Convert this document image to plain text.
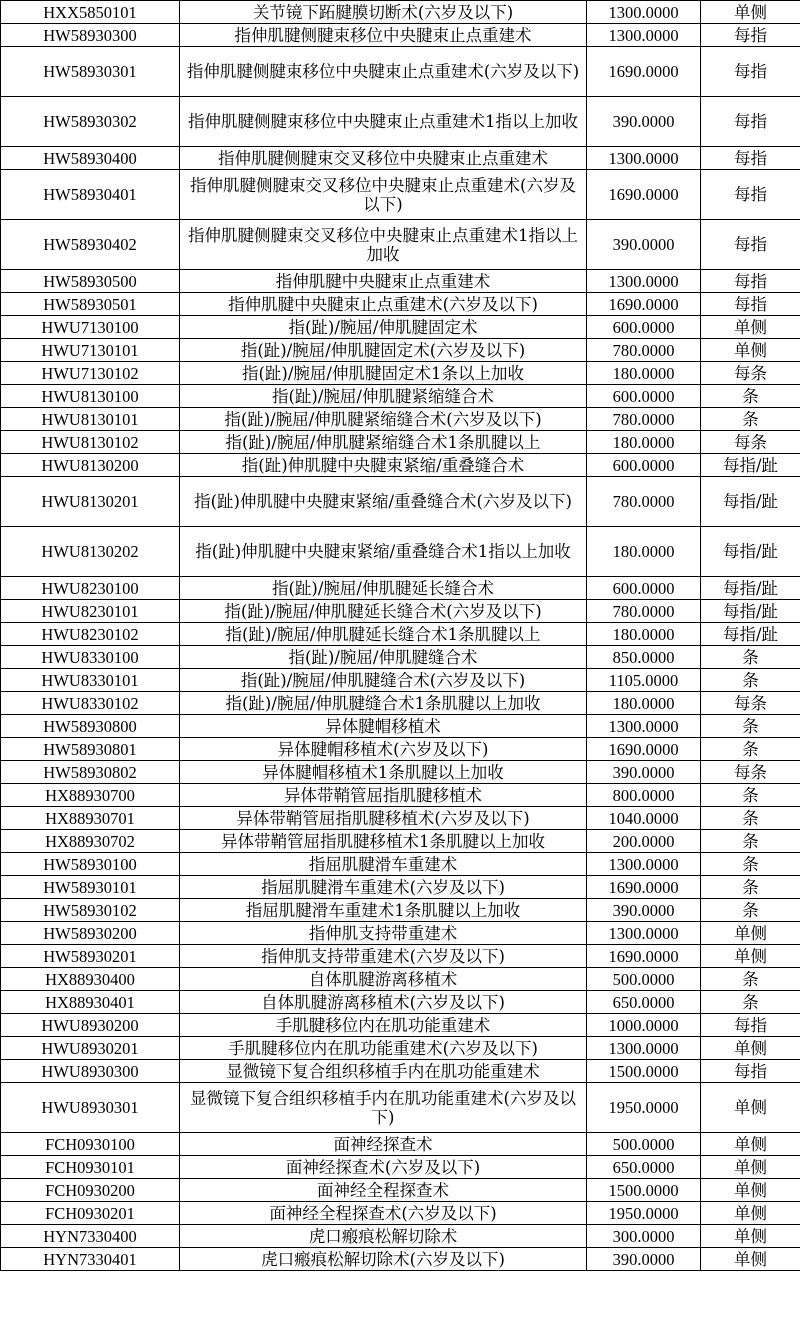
HXX5850101	关节镜下跖腱膜切断术(六岁及以下)	1300.0000	单侧
HW58930300	指伸肌腱侧腱束移位中央腱束止点重建术	1300.0000	每指
HW58930301	指伸肌腱侧腱束移位中央腱束止点重建术(六岁及以下)	1690.0000	每指
HW58930302	指伸肌腱侧腱束移位中央腱束止点重建术1指以上加收	390.0000	每指
HW58930400	指伸肌腱侧腱束交叉移位中央腱束止点重建术	1300.0000	每指
HW58930401	指伸肌腱侧腱束交叉移位中央腱束止点重建术(六岁及以下)	1690.0000	每指
HW58930402	指伸肌腱侧腱束交叉移位中央腱束止点重建术1指以上加收	390.0000	每指
HW58930500	指伸肌腱中央腱束止点重建术	1300.0000	每指
HW58930501	指伸肌腱中央腱束止点重建术(六岁及以下)	1690.0000	每指
HWU7130100	指(趾)/腕屈/伸肌腱固定术	600.0000	单侧
HWU7130101	指(趾)/腕屈/伸肌腱固定术(六岁及以下)	780.0000	单侧
HWU7130102	指(趾)/腕屈/伸肌腱固定术1条以上加收	180.0000	每条
HWU8130100	指(趾)/腕屈/伸肌腱紧缩缝合术	600.0000	条
HWU8130101	指(趾)/腕屈/伸肌腱紧缩缝合术(六岁及以下)	780.0000	条
HWU8130102	指(趾)/腕屈/伸肌腱紧缩缝合术1条肌腱以上	180.0000	每条
HWU8130200	指(趾)伸肌腱中央腱束紧缩/重叠缝合术	600.0000	每指/趾
HWU8130201	指(趾)伸肌腱中央腱束紧缩/重叠缝合术(六岁及以下)	780.0000	每指/趾
HWU8130202	指(趾)伸肌腱中央腱束紧缩/重叠缝合术1指以上加收	180.0000	每指/趾
HWU8230100	指(趾)/腕屈/伸肌腱延长缝合术	600.0000	每指/趾
HWU8230101	指(趾)/腕屈/伸肌腱延长缝合术(六岁及以下)	780.0000	每指/趾
HWU8230102	指(趾)/腕屈/伸肌腱延长缝合术1条肌腱以上	180.0000	每指/趾
HWU8330100	指(趾)/腕屈/伸肌腱缝合术	850.0000	条
HWU8330101	指(趾)/腕屈/伸肌腱缝合术(六岁及以下)	1105.0000	条
HWU8330102	指(趾)/腕屈/伸肌腱缝合术1条肌腱以上加收	180.0000	每条
HW58930800	异体腱帽移植术	1300.0000	条
HW58930801	异体腱帽移植术(六岁及以下)	1690.0000	条
HW58930802	异体腱帽移植术1条肌腱以上加收	390.0000	每条
HX88930700	异体带鞘管屈指肌腱移植术	800.0000	条
HX88930701	异体带鞘管屈指肌腱移植术(六岁及以下)	1040.0000	条
HX88930702	异体带鞘管屈指肌腱移植术1条肌腱以上加收	200.0000	条
HW58930100	指屈肌腱滑车重建术	1300.0000	条
HW58930101	指屈肌腱滑车重建术(六岁及以下)	1690.0000	条
HW58930102	指屈肌腱滑车重建术1条肌腱以上加收	390.0000	条
HW58930200	指伸肌支持带重建术	1300.0000	单侧
HW58930201	指伸肌支持带重建术(六岁及以下)	1690.0000	单侧
HX88930400	自体肌腱游离移植术	500.0000	条
HX88930401	自体肌腱游离移植术(六岁及以下)	650.0000	条
HWU8930200	手肌腱移位内在肌功能重建术	1000.0000	每指
HWU8930201	手肌腱移位内在肌功能重建术(六岁及以下)	1300.0000	单侧
HWU8930300	显微镜下复合组织移植手内在肌功能重建术	1500.0000	每指
HWU8930301	显微镜下复合组织移植手内在肌功能重建术(六岁及以下)	1950.0000	单侧
FCH0930100	面神经探查术	500.0000	单侧
FCH0930101	面神经探查术(六岁及以下)	650.0000	单侧
FCH0930200	面神经全程探查术	1500.0000	单侧
FCH0930201	面神经全程探查术(六岁及以下)	1950.0000	单侧
HYN7330400	虎口瘢痕松解切除术	300.0000	单侧
HYN7330401	虎口瘢痕松解切除术(六岁及以下)	390.0000	单侧
